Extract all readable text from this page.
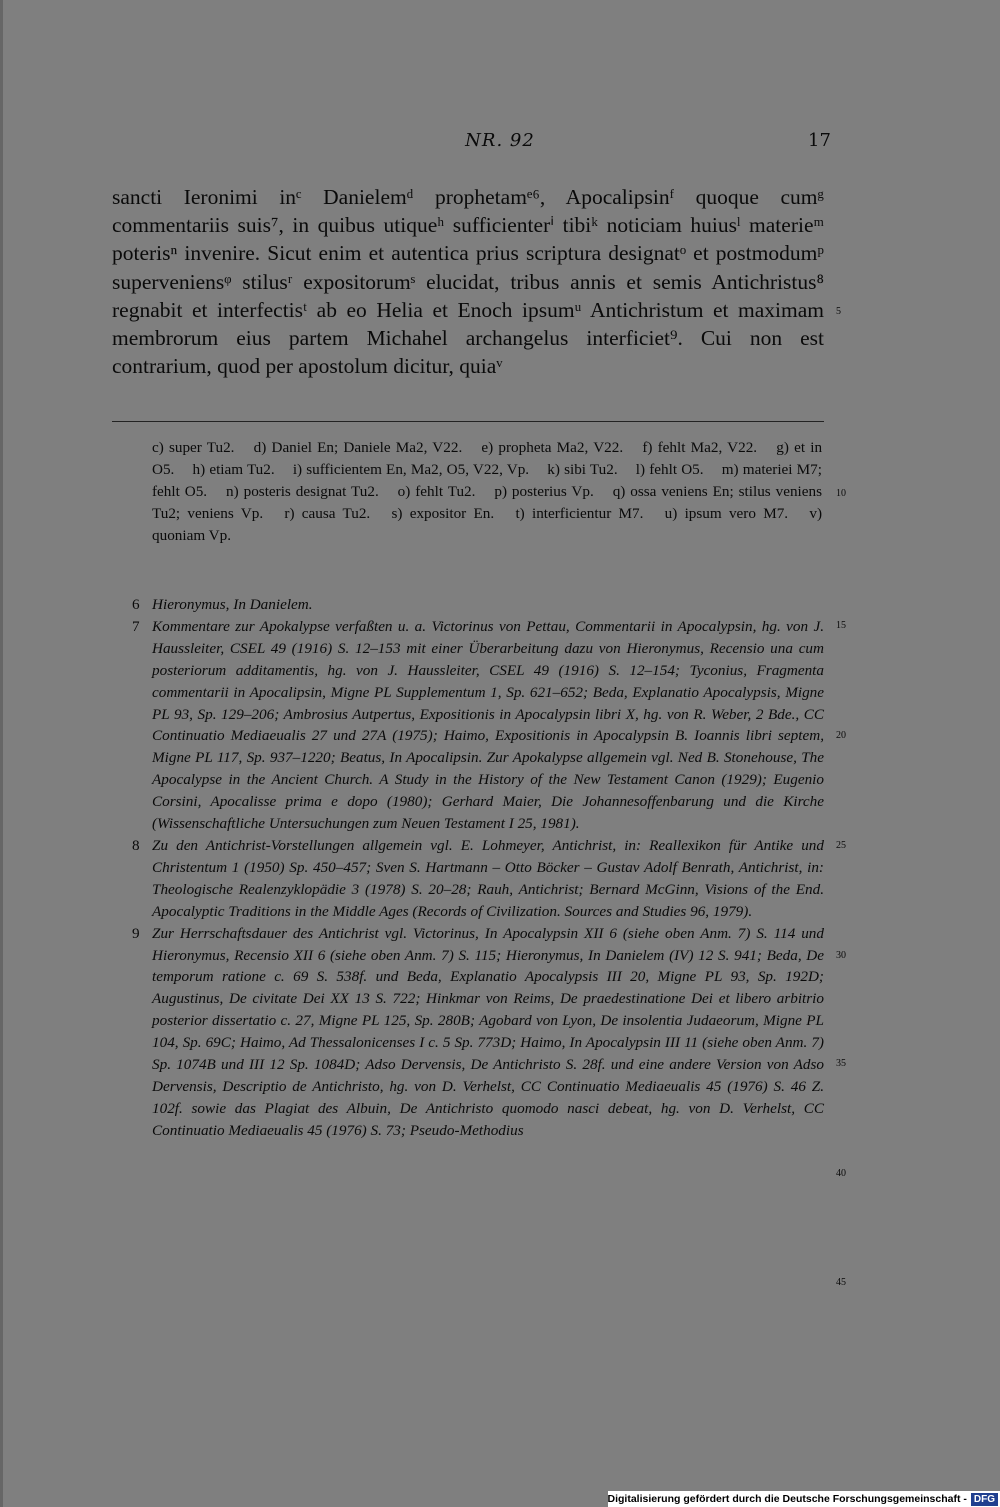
NR. 92	17

sancti Ieronimi inᶜ Danielemᵈ prophetamᵉ⁶, Apocalipsinᶠ quoque cumᵍ commentariis suis⁷, in quibus utiqueʰ sufficienterⁱ tibiᵏ noticiam huiusˡ materieᵐ poterisⁿ invenire. Sicut enim et autentica prius scriptura designatᵒ et postmodumᵖ superveniensᵠ stilusʳ expositorumˢ elucidat, tribus annis et semis Antichristus⁸ regnabit et interfectisᵗ ab eo Helia et Enoch ipsumᵘ Antichristum et maximam membrorum eius partem Michahel archangelus interficiet⁹. Cui non est contrarium, quod per apostolum dicitur, quiaᵛ

c) super Tu2. d) Daniel En; Daniele Ma2, V22. e) propheta Ma2, V22. f) fehlt Ma2, V22. g) et in O5. h) etiam Tu2. i) sufficientem En, Ma2, O5, V22, Vp. k) sibi Tu2. l) fehlt O5. m) materiei M7; fehlt O5. n) posteris designat Tu2. o) fehlt Tu2. p) posterius Vp. q) ossa veniens En; stilus veniens Tu2; veniens Vp. r) causa Tu2. s) expositor En. t) interficientur M7. u) ipsum vero M7. v) quoniam Vp.

6 Hieronymus, In Danielem.

7 Kommentare zur Apokalypse verfaßten u. a. Victorinus von Pettau, Commentarii in Apocalypsin, hg. von J. Haussleiter, CSEL 49 (1916) S. 12–153 mit einer Überarbeitung dazu von Hieronymus, Recensio una cum posteriorum additamentis, hg. von J. Haussleiter, CSEL 49 (1916) S. 12–154; Tyconius, Fragmenta commentarii in Apocalipsin, Migne PL Supplementum 1, Sp. 621–652; Beda, Explanatio Apocalypsis, Migne PL 93, Sp. 129–206; Ambrosius Autpertus, Expositionis in Apocalypsin libri X, hg. von R. Weber, 2 Bde., CC Continuatio Mediaeualis 27 und 27A (1975); Haimo, Expositionis in Apocalypsin B. Ioannis libri septem, Migne PL 117, Sp. 937–1220; Beatus, In Apocalipsin. Zur Apokalypse allgemein vgl. Ned B. Stonehouse, The Apocalypse in the Ancient Church. A Study in the History of the New Testament Canon (1929); Eugenio Corsini, Apocalisse prima e dopo (1980); Gerhard Maier, Die Johannesoffenbarung und die Kirche (Wissenschaftliche Untersuchungen zum Neuen Testament I 25, 1981).

8 Zu den Antichrist-Vorstellungen allgemein vgl. E. Lohmeyer, Antichrist, in: Reallexikon für Antike und Christentum 1 (1950) Sp. 450–457; Sven S. Hartmann – Otto Böcker – Gustav Adolf Benrath, Antichrist, in: Theologische Realenzyklopädie 3 (1978) S. 20–28; Rauh, Antichrist; Bernard McGinn, Visions of the End. Apocalyptic Traditions in the Middle Ages (Records of Civilization. Sources and Studies 96, 1979).

9 Zur Herrschaftsdauer des Antichrist vgl. Victorinus, In Apocalypsin XII 6 (siehe oben Anm. 7) S. 114 und Hieronymus, Recensio XII 6 (siehe oben Anm. 7) S. 115; Hieronymus, In Danielem (IV) 12 S. 941; Beda, De temporum ratione c. 69 S. 538f. und Beda, Explanatio Apocalypsis III 20, Migne PL 93, Sp. 192D; Augustinus, De civitate Dei XX 13 S. 722; Hinkmar von Reims, De praedestinatione Dei et libero arbitrio posterior dissertatio c. 27, Migne PL 125, Sp. 280B; Agobard von Lyon, De insolentia Judaeorum, Migne PL 104, Sp. 69C; Haimo, Ad Thessalonicenses I c. 5 Sp. 773D; Haimo, In Apocalypsin III 11 (siehe oben Anm. 7) Sp. 1074B und III 12 Sp. 1084D; Adso Dervensis, De Antichristo S. 28f. und eine andere Version von Adso Dervensis, Descriptio de Antichristo, hg. von D. Verhelst, CC Continuatio Mediaeualis 45 (1976) S. 46 Z. 102f. sowie das Plagiat des Albuin, De Antichristo quomodo nasci debeat, hg. von D. Verhelst, CC Continuatio Mediaeualis 45 (1976) S. 73; Pseudo-Methodius

5
10
15
20
25
30
35
40
45
Digitalisierung gefördert durch die Deutsche Forschungsgemeinschaft - DFG
